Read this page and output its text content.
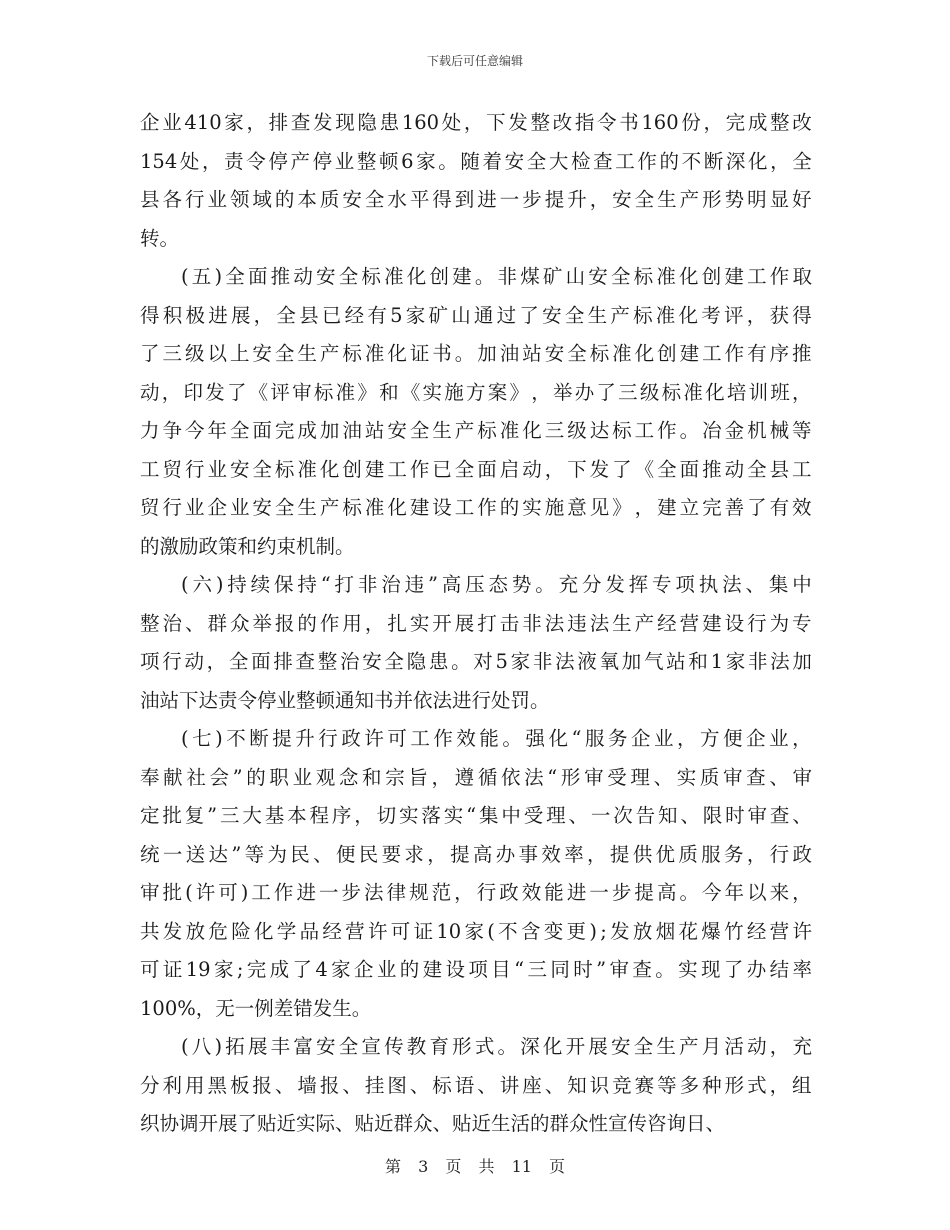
下载后可任意编辑
企 业 410 家 ， 排 查 发 现 隐 患 160 处 ， 下 发 整 改 指 令 书 160 份 ， 完 成 整 改
154 处 ， 责 令 停 产 停 业 整 顿 6 家 。 随 着 安 全 大 检 查 工 作 的 不 断 深 化 ， 全
县 各 行 业 领 域 的 本 质 安 全 水 平 得 到 进 一 步 提 升 ， 安 全 生 产 形 势 明 显 好
转。
( 五 ) 全 面 推 动 安 全 标 准 化 创 建 。 非 煤 矿 山 安 全 标 准 化 创 建 工 作 取
得 积 极 进 展 ， 全 县 已 经 有 5 家 矿 山 通 过 了 安 全 生 产 标 准 化 考 评 ， 获 得
了 三 级 以 上 安 全 生 产 标 准 化 证 书 。 加 油 站 安 全 标 准 化 创 建 工 作 有 序 推
动 ， 印 发 了 《 评 审 标 准 》 和 《 实 施 方 案 》 ， 举 办 了 三 级 标 准 化 培 训 班 ，
力 争 今 年 全 面 完 成 加 油 站 安 全 生 产 标 准 化 三 级 达 标 工 作 。 冶 金 机 械 等
工 贸 行 业 安 全 标 准 化 创 建 工 作 已 全 面 启 动 ， 下 发 了 《 全 面 推 动 全 县 工
贸 行 业 企 业 安 全 生 产 标 准 化 建 设 工 作 的 实 施 意 见 》 ， 建 立 完 善 了 有 效
的激励政策和约束机制。
( 六 ) 持 续 保 持 “ 打 非 治 违 ” 高 压 态 势 。 充 分 发 挥 专 项 执 法 、 集 中
整 治 、 群 众 举 报 的 作 用 ， 扎 实 开 展 打 击 非 法 违 法 生 产 经 营 建 设 行 为 专
项 行 动 ， 全 面 排 查 整 治 安 全 隐 患 。 对 5 家 非 法 液 氧 加 气 站 和 1 家 非 法 加
油站下达责令停业整顿通知书并依法进行处罚。
( 七 ) 不 断 提 升 行 政 许 可 工 作 效 能 。 强 化 “ 服 务 企 业 ， 方 便 企 业 ，
奉 献 社 会 ” 的 职 业 观 念 和 宗 旨 ， 遵 循 依 法 “ 形 审 受 理 、 实 质 审 查 、 审
定 批 复 ” 三 大 基 本 程 序 ， 切 实 落 实 “ 集 中 受 理 、 一 次 告 知 、 限 时 审 查 、
统 一 送 达 ” 等 为 民 、 便 民 要 求 ， 提 高 办 事 效 率 ， 提 供 优 质 服 务 ， 行 政
审 批 ( 许 可 ) 工 作 进 一 步 法 律 规 范 ， 行 政 效 能 进 一 步 提 高 。 今 年 以 来 ，
共 发 放 危 险 化 学 品 经 营 许 可 证 10 家 ( 不 含 变 更 ) ; 发 放 烟 花 爆 竹 经 营 许
可 证 19 家 ; 完 成 了 4 家 企 业 的 建 设 项 目 “ 三 同 时 ” 审 查 。 实 现 了 办 结 率
100%，无一例差错发生。
( 八 ) 拓 展 丰 富 安 全 宣 传 教 育 形 式 。 深 化 开 展 安 全 生 产 月 活 动 ， 充
分 利 用 黑 板 报 、 墙 报 、 挂 图 、 标 语 、 讲 座 、 知 识 竞 赛 等 多 种 形 式 ， 组
织协调开展了贴近实际、贴近群众、贴近生活的群众性宣传咨询日、
第 3 页 共 11 页
